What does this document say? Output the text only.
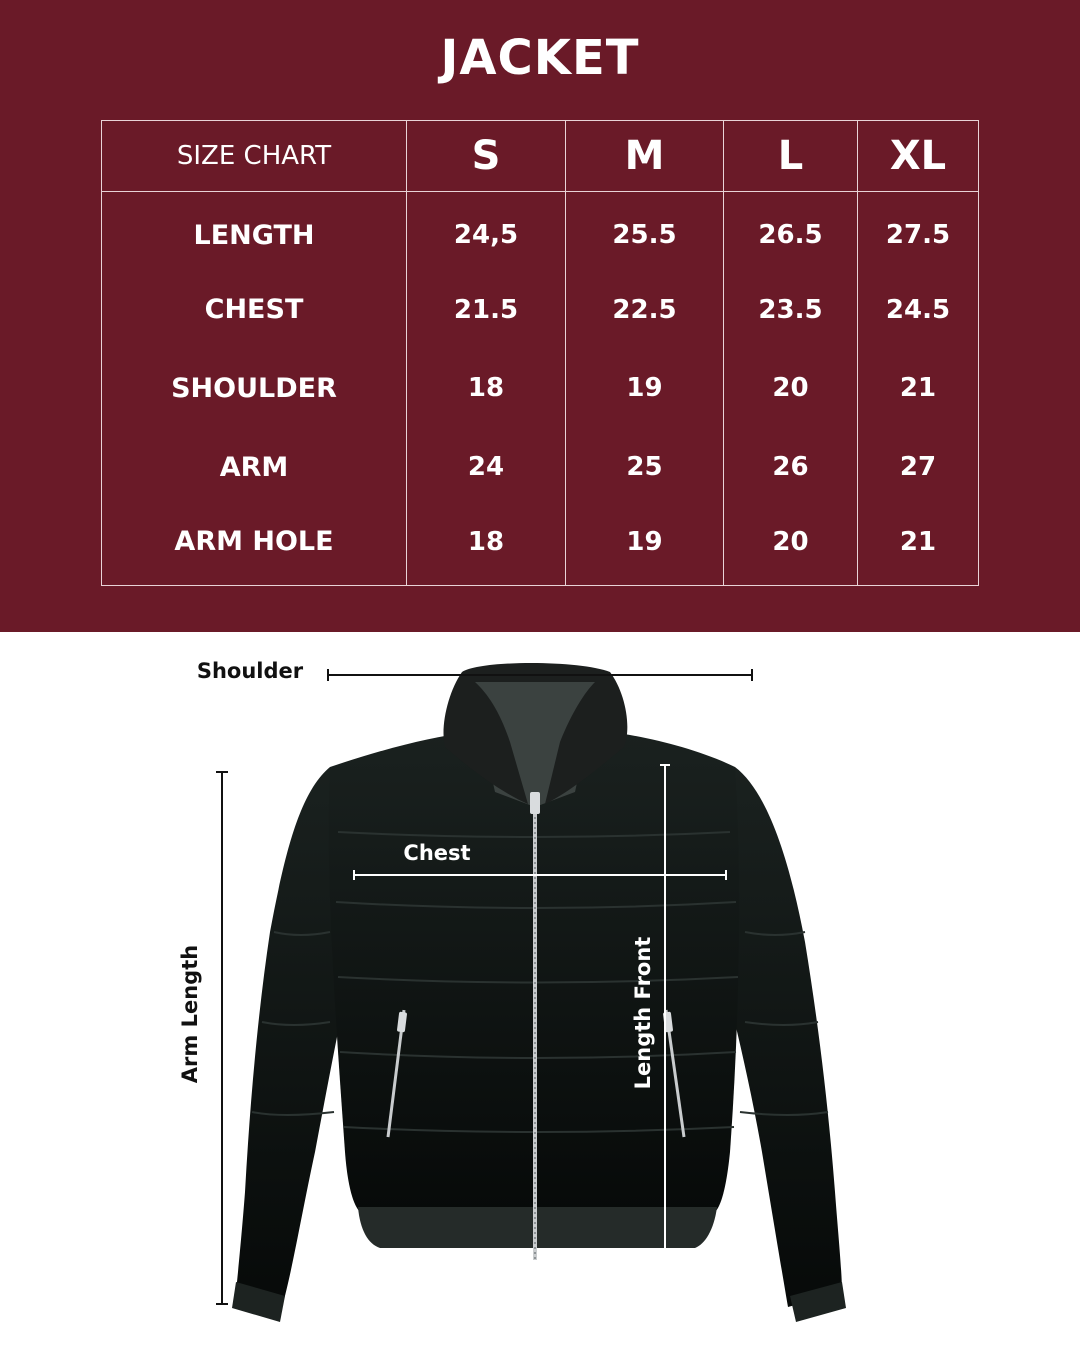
JACKET
SIZE CHART	S	M	L	XL
LENGTH	24,5	25.5	26.5	27.5
CHEST	21.5	22.5	23.5	24.5
SHOULDER	18	19	20	21
ARM	24	25	26	27
ARM HOLE	18	19	20	21
Shoulder
Chest
Arm Length	Length Front
